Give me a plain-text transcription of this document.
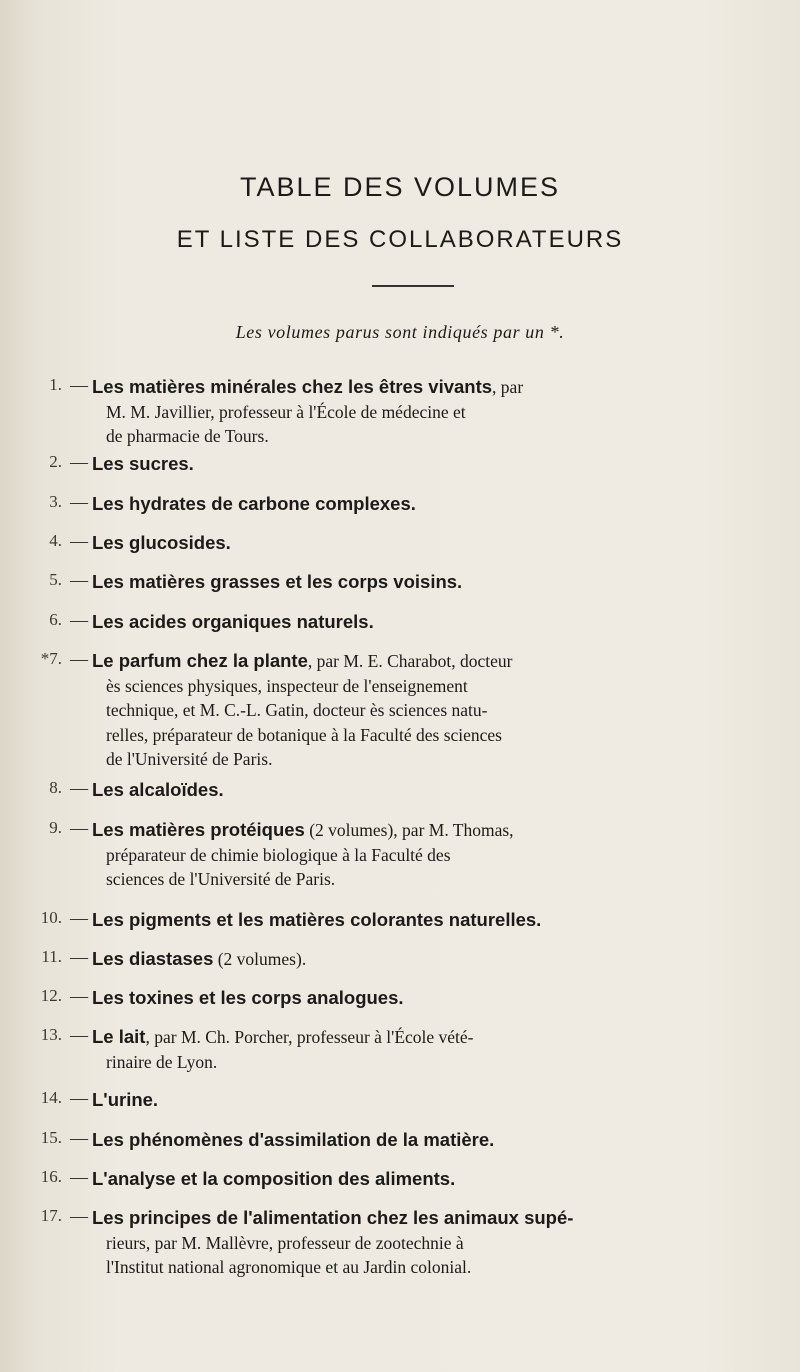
TABLE DES VOLUMES
ET LISTE DES COLLABORATEURS
Les volumes parus sont indiqués par un *.
1. — Les matières minérales chez les êtres vivants, par
M. M. Javillier, professeur à l'École de médecine et
de pharmacie de Tours.
2. — Les sucres.
3. — Les hydrates de carbone complexes.
4. — Les glucosides.
5. — Les matières grasses et les corps voisins.
6. — Les acides organiques naturels.
*7. — Le parfum chez la plante, par M. E. Charabot, docteur
ès sciences physiques, inspecteur de l'enseignement
technique, et M. C.-L. Gatin, docteur ès sciences natu-
relles, préparateur de botanique à la Faculté des sciences
de l'Université de Paris.
8. — Les alcaloïdes.
9. — Les matières protéiques (2 volumes), par M. Thomas,
préparateur de chimie biologique à la Faculté des
sciences de l'Université de Paris.
10. — Les pigments et les matières colorantes naturelles.
11. — Les diastases (2 volumes).
12. — Les toxines et les corps analogues.
13. — Le lait, par M. Ch. Porcher, professeur à l'École vété-
rinaire de Lyon.
14. — L'urine.
15. — Les phénomènes d'assimilation de la matière.
16. — L'analyse et la composition des aliments.
17. — Les principes de l'alimentation chez les animaux supé-
rieurs, par M. Mallèvre, professeur de zootechnie à
l'Institut national agronomique et au Jardin colonial.
